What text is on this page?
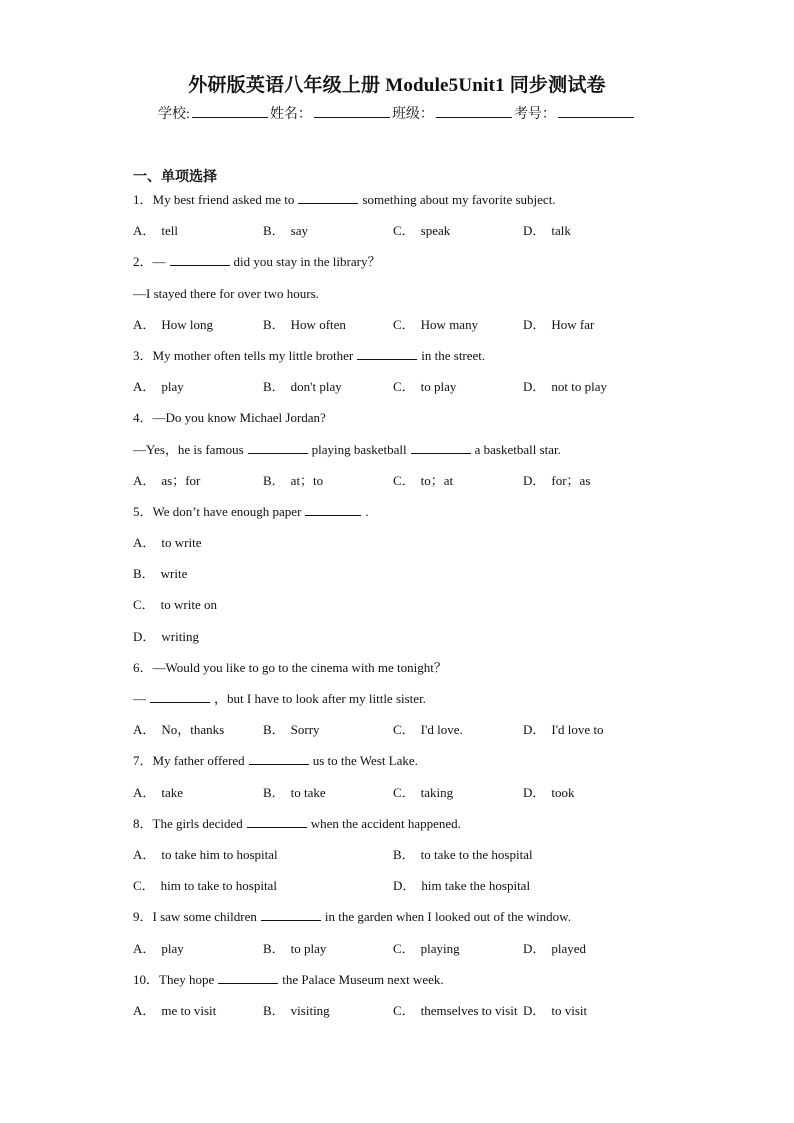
外研版英语八年级上册 Module5Unit1 同步测试卷
学校:	姓名：	班级：	考号：
一、单项选择
1．My best friend asked me to	something about my favorite subject.
A． tell	B． say	C． speak	D． talk
2．—	did you stay in the library？
—I stayed there for over two hours.
A． How long	B． How often	C． How many	D． How far
3．My mother often tells my little brother	in the street.
A． play	B． don't play	C． to play	D． not to play
4．—Do you know Michael Jordan?
—Yes，he is famous	playing basketball	a basketball star.
A． as；for	B． at；to	C． to；at	D． for；as
5．We don’t have enough paper	.
A． to write
B． write
C． to write on
D． writing
6．—Would you like to go to the cinema with me tonight？
—	，but I have to look after my little sister.
A． No，thanks	B． Sorry	C． I'd love.	D． I'd love to
7．My father offered	us to the West Lake.
A． take	B． to take	C． taking	D． took
8．The girls decided	when the accident happened.
A． to take him to hospital	B． to take to the hospital
C． him to take to hospital	D． him take the hospital
9．I saw some children	in the garden when I looked out of the window.
A． play	B． to play	C． playing	D． played
10．They hope	the Palace Museum next week.
A． me to visit	B． visiting	C． themselves to visit D． to visit
